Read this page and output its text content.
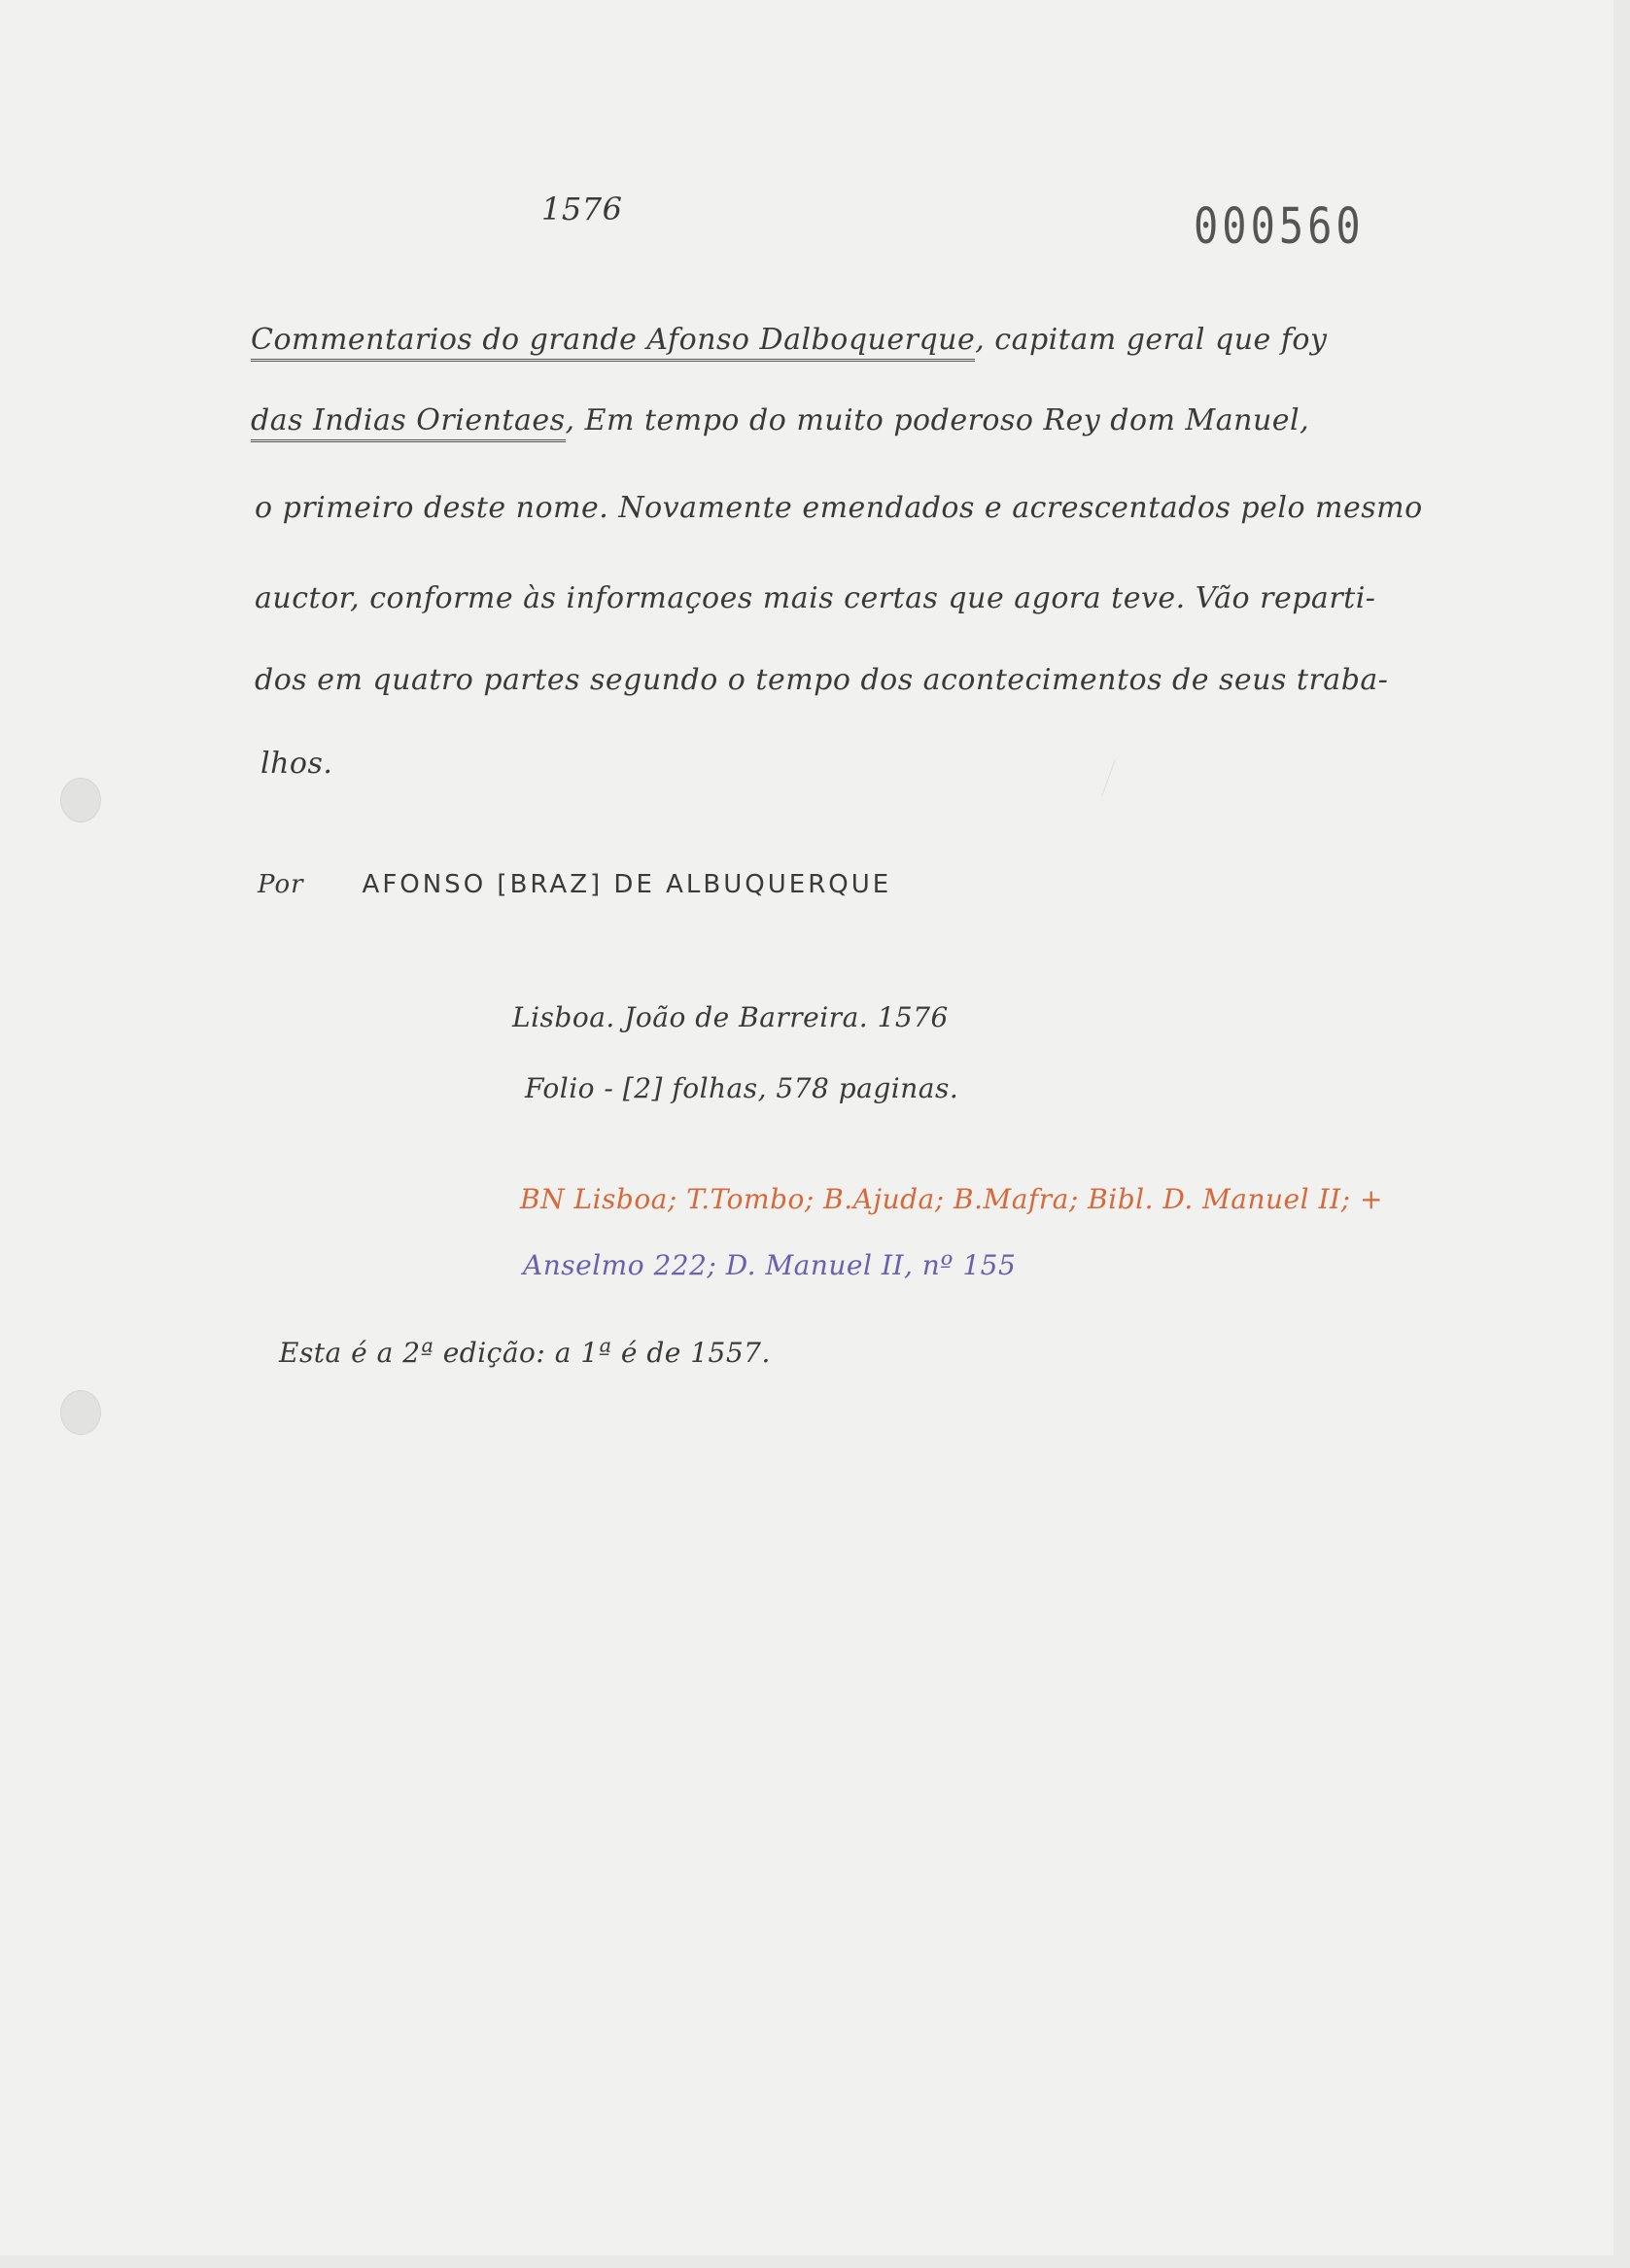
1576	000560
Commentarios do grande Afonso Dalboquerque, capitam geral que foy
das Indias Orientaes, Em tempo do muito poderoso Rey dom Manuel,
o primeiro deste nome. Novamente emendados e acrescentados pelo mesmo
auctor, conforme às informaçoes mais certas que agora teve. Vão reparti-
dos em quatro partes segundo o tempo dos acontecimentos de seus traba-
lhos.
Por AFONSO [BRAZ] DE ALBUQUERQUE
Lisboa. João de Barreira. 1576
Folio - [2] folhas, 578 paginas.
BN Lisboa; T.Tombo; B.Ajuda; B.Mafra; Bibl. D. Manuel II; +
Anselmo 222; D. Manuel II, nº 155
Esta é a 2ª edição: a 1ª é de 1557.
